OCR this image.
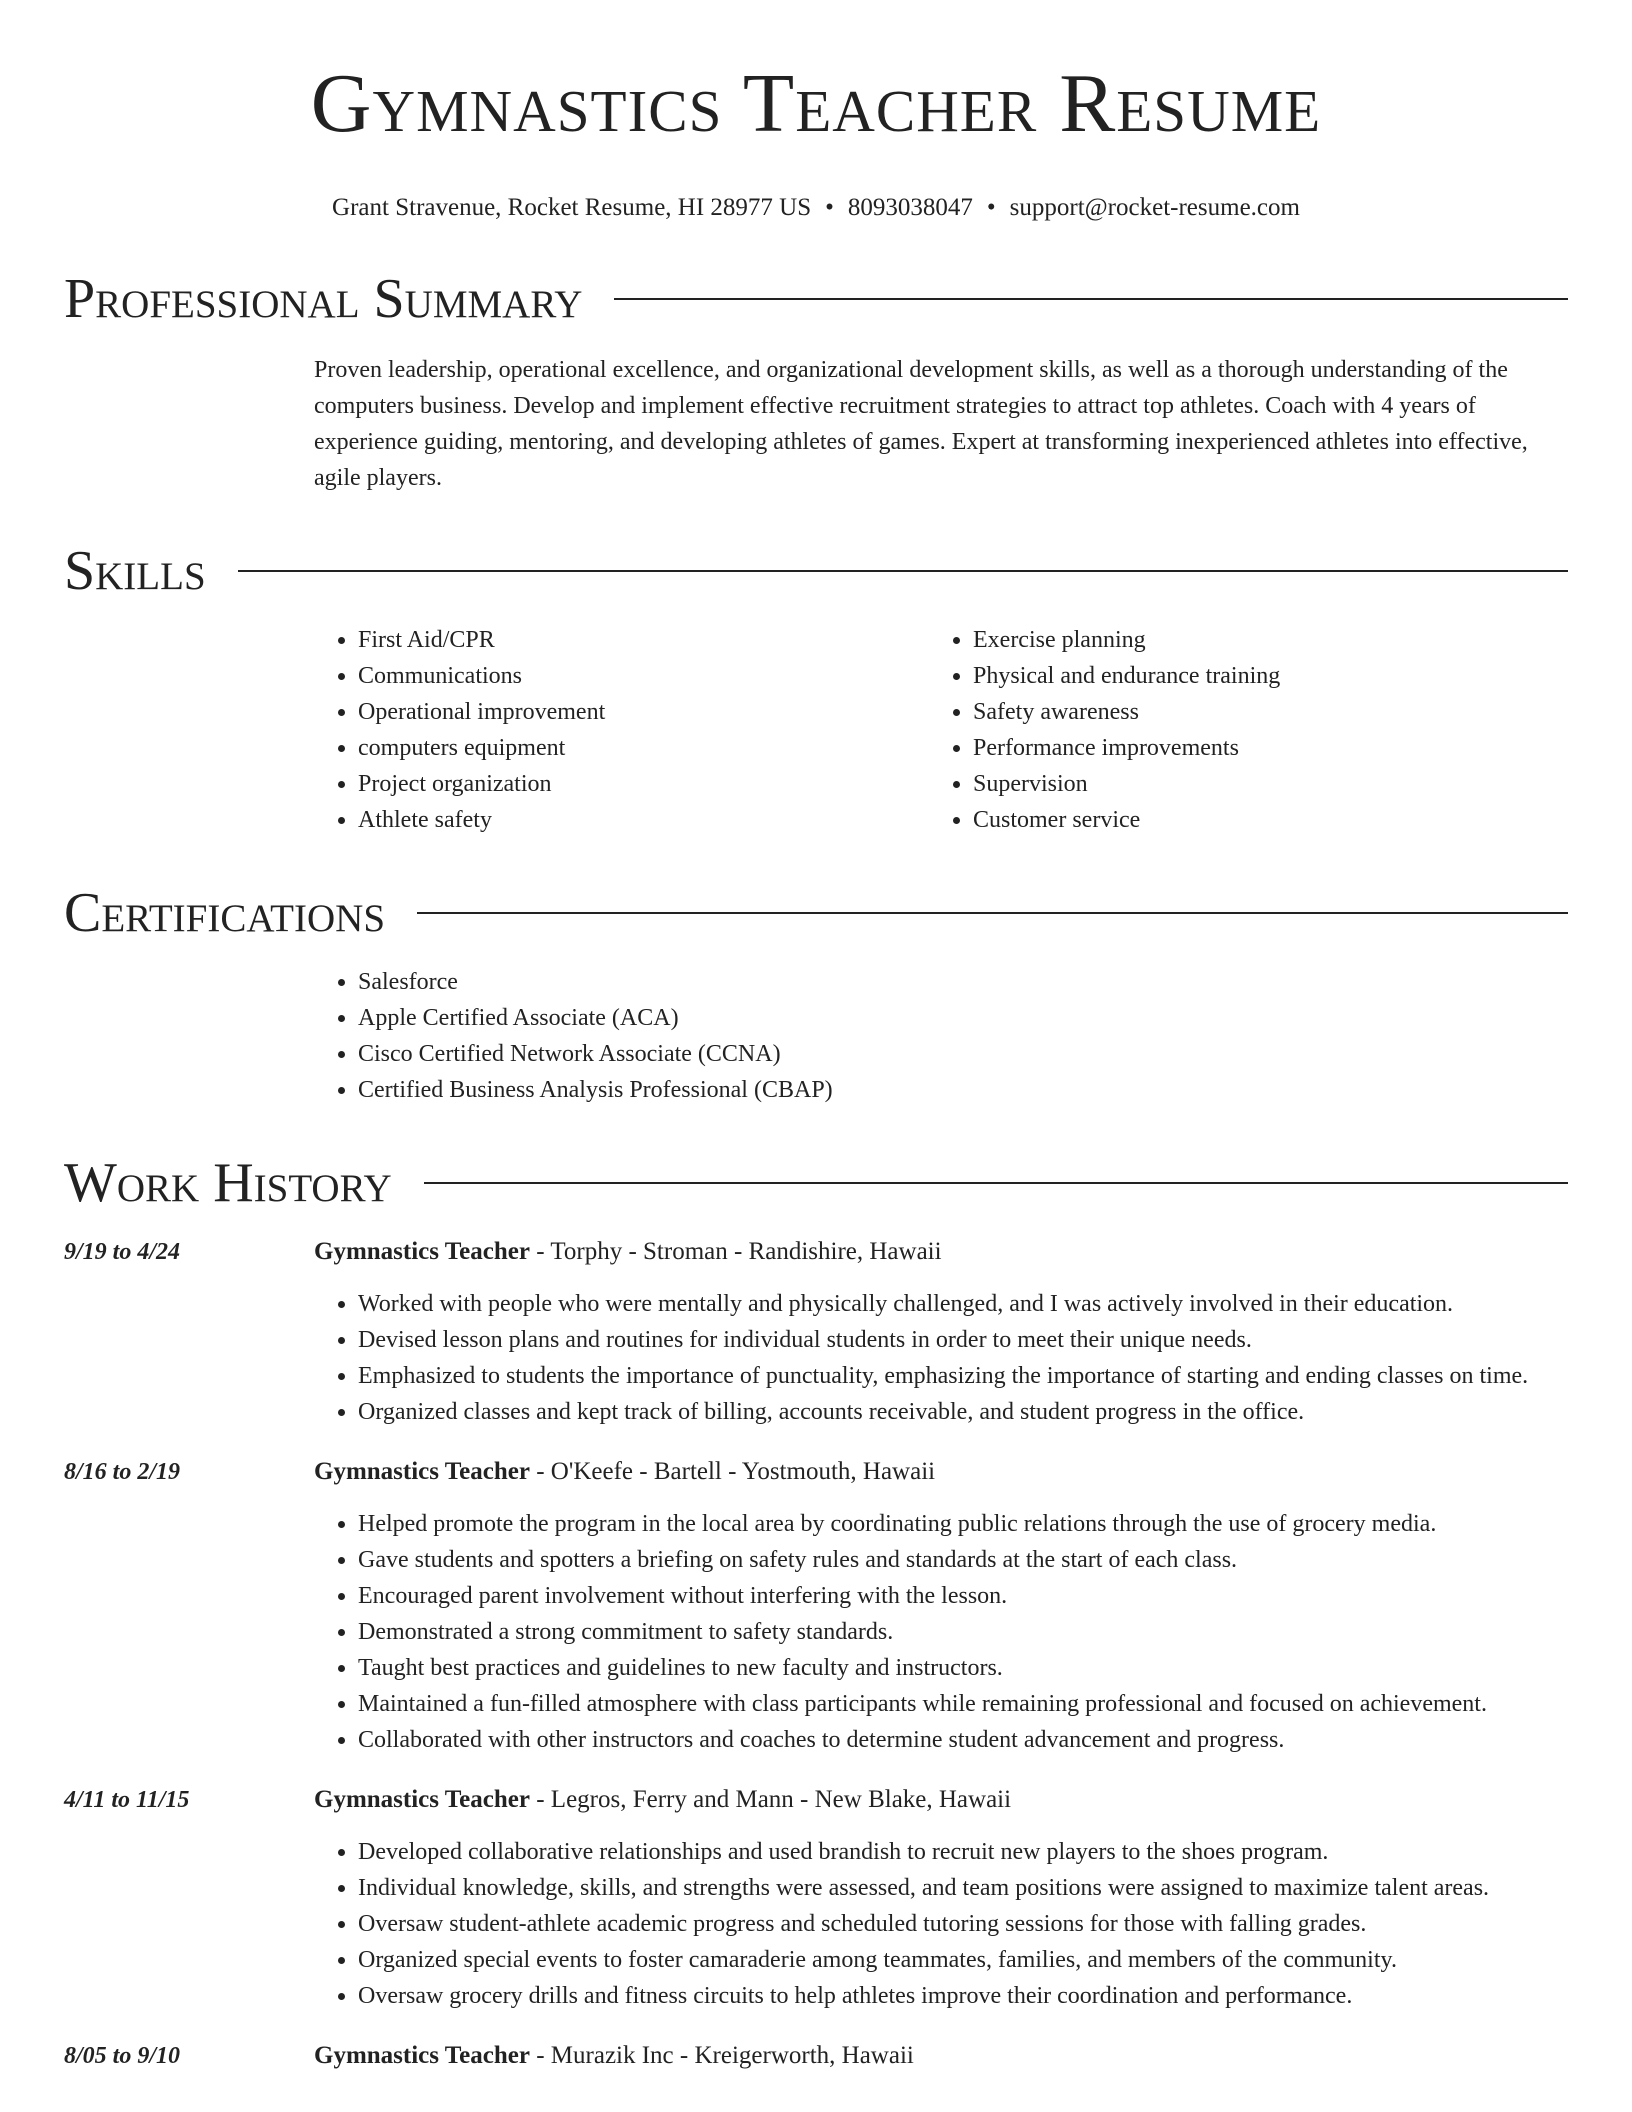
Gymnastics Teacher Resume
Grant Stravenue, Rocket Resume, HI 28977 US • 8093038047 • support@rocket-resume.com
Professional Summary
Proven leadership, operational excellence, and organizational development skills, as well as a thorough understanding of the computers business. Develop and implement effective recruitment strategies to attract top athletes. Coach with 4 years of experience guiding, mentoring, and developing athletes of games. Expert at transforming inexperienced athletes into effective, agile players.
Skills
• First Aid/CPR
• Communications
• Operational improvement
• computers equipment
• Project organization
• Athlete safety
• Exercise planning
• Physical and endurance training
• Safety awareness
• Performance improvements
• Supervision
• Customer service
Certifications
• Salesforce
• Apple Certified Associate (ACA)
• Cisco Certified Network Associate (CCNA)
• Certified Business Analysis Professional (CBAP)
Work History
9/19 to 4/24	Gymnastics Teacher - Torphy - Stroman - Randishire, Hawaii
• Worked with people who were mentally and physically challenged, and I was actively involved in their education.
• Devised lesson plans and routines for individual students in order to meet their unique needs.
• Emphasized to students the importance of punctuality, emphasizing the importance of starting and ending classes on time.
• Organized classes and kept track of billing, accounts receivable, and student progress in the office.
8/16 to 2/19	Gymnastics Teacher - O'Keefe - Bartell - Yostmouth, Hawaii
• Helped promote the program in the local area by coordinating public relations through the use of grocery media.
• Gave students and spotters a briefing on safety rules and standards at the start of each class.
• Encouraged parent involvement without interfering with the lesson.
• Demonstrated a strong commitment to safety standards.
• Taught best practices and guidelines to new faculty and instructors.
• Maintained a fun-filled atmosphere with class participants while remaining professional and focused on achievement.
• Collaborated with other instructors and coaches to determine student advancement and progress.
4/11 to 11/15	Gymnastics Teacher - Legros, Ferry and Mann - New Blake, Hawaii
• Developed collaborative relationships and used brandish to recruit new players to the shoes program.
• Individual knowledge, skills, and strengths were assessed, and team positions were assigned to maximize talent areas.
• Oversaw student-athlete academic progress and scheduled tutoring sessions for those with falling grades.
• Organized special events to foster camaraderie among teammates, families, and members of the community.
• Oversaw grocery drills and fitness circuits to help athletes improve their coordination and performance.
8/05 to 9/10	Gymnastics Teacher - Murazik Inc - Kreigerworth, Hawaii
